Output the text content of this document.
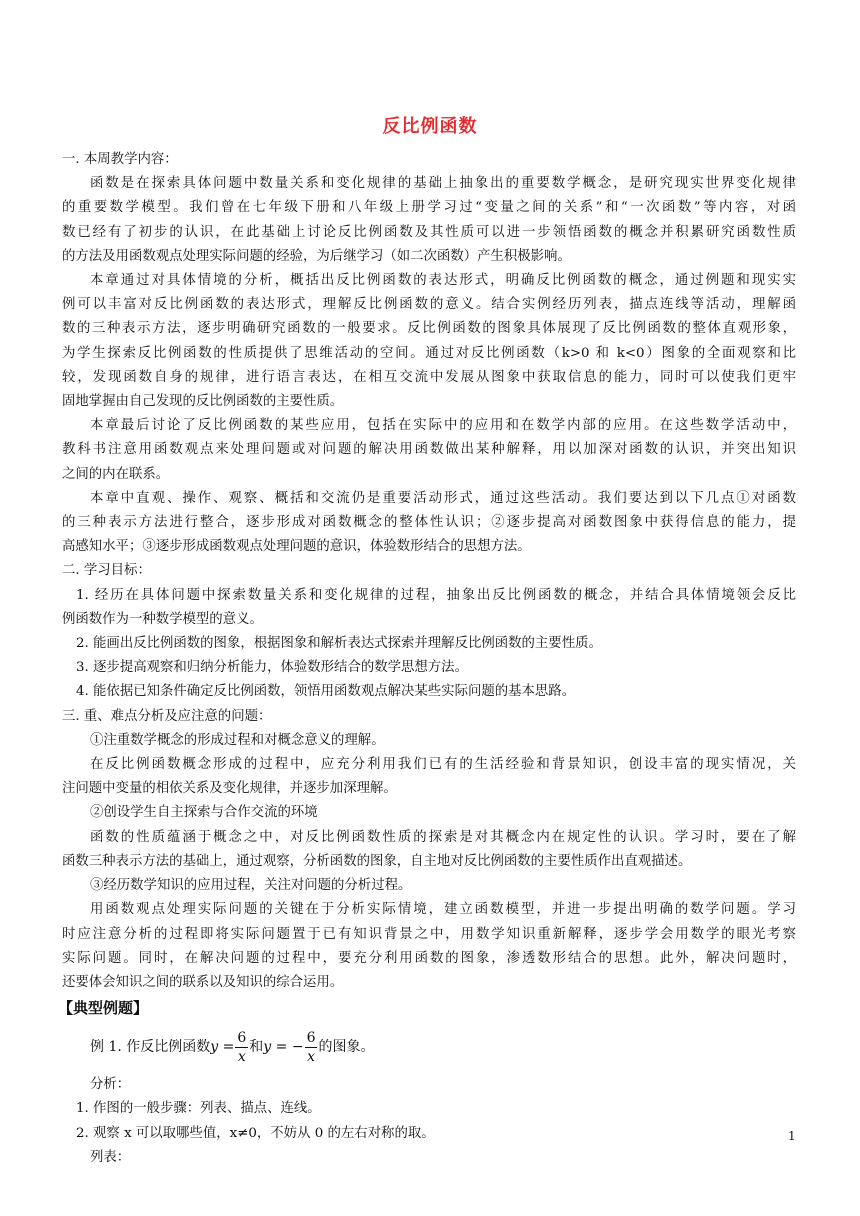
反比例函数
一. 本周教学内容：
函数是在探索具体问题中数量关系和变化规律的基础上抽象出的重要数学概念，是研究现实世界变化规律
的重要数学模型。我们曾在七年级下册和八年级上册学习过“变量之间的关系”和“一次函数”等内容，对函
数已经有了初步的认识，在此基础上讨论反比例函数及其性质可以进一步领悟函数的概念并积累研究函数性质
的方法及用函数观点处理实际问题的经验，为后继学习（如二次函数）产生积极影响。
本章通过对具体情境的分析，概括出反比例函数的表达形式，明确反比例函数的概念，通过例题和现实实
例可以丰富对反比例函数的表达形式，理解反比例函数的意义。结合实例经历列表，描点连线等活动，理解函
数的三种表示方法，逐步明确研究函数的一般要求。反比例函数的图象具体展现了反比例函数的整体直观形象，
为学生探索反比例函数的性质提供了思维活动的空间。通过对反比例函数（k>0 和 k<0）图象的全面观察和比
较，发现函数自身的规律，进行语言表达，在相互交流中发展从图象中获取信息的能力，同时可以使我们更牢
固地掌握由自己发现的反比例函数的主要性质。
本章最后讨论了反比例函数的某些应用，包括在实际中的应用和在数学内部的应用。在这些数学活动中，
教科书注意用函数观点来处理问题或对问题的解决用函数做出某种解释，用以加深对函数的认识，并突出知识
之间的内在联系。
本章中直观、操作、观察、概括和交流仍是重要活动形式，通过这些活动。我们要达到以下几点①对函数
的三种表示方法进行整合，逐步形成对函数概念的整体性认识；②逐步提高对函数图象中获得信息的能力，提
高感知水平；③逐步形成函数观点处理问题的意识，体验数形结合的思想方法。
二. 学习目标：
1. 经历在具体问题中探索数量关系和变化规律的过程，抽象出反比例函数的概念，并结合具体情境领会反比
例函数作为一种数学模型的意义。
2. 能画出反比例函数的图象，根据图象和解析表达式探索并理解反比例函数的主要性质。
3. 逐步提高观察和归纳分析能力，体验数形结合的数学思想方法。
4. 能依据已知条件确定反比例函数，领悟用函数观点解决某些实际问题的基本思路。
三. 重、难点分析及应注意的问题：
①注重数学概念的形成过程和对概念意义的理解。
在反比例函数概念形成的过程中，应充分利用我们已有的生活经验和背景知识，创设丰富的现实情况，关
注问题中变量的相依关系及变化规律，并逐步加深理解。
②创设学生自主探索与合作交流的环境
函数的性质蕴涵于概念之中，对反比例函数性质的探索是对其概念内在规定性的认识。学习时，要在了解
函数三种表示方法的基础上，通过观察，分析函数的图象，自主地对反比例函数的主要性质作出直观描述。
③经历数学知识的应用过程，关注对问题的分析过程。
用函数观点处理实际问题的关键在于分析实际情境，建立函数模型，并进一步提出明确的数学问题。学习
时应注意分析的过程即将实际问题置于已有知识背景之中，用数学知识重新解释，逐步学会用数学的眼光考察
实际问题。同时，在解决问题的过程中，要充分利用函数的图象，渗透数形结合的思想。此外，解决问题时，
还要体会知识之间的联系以及知识的综合运用。
【典型例题】
例 1. 作反比例函数 $y = \frac{6}{x}$ 和 y = − $\frac{6}{x}$ 的图象。
分析：
1. 作图的一般步骤：列表、描点、连线。
2. 观察 x 可以取哪些值，x≠0，不妨从 0 的左右对称的取。
列表：
1
